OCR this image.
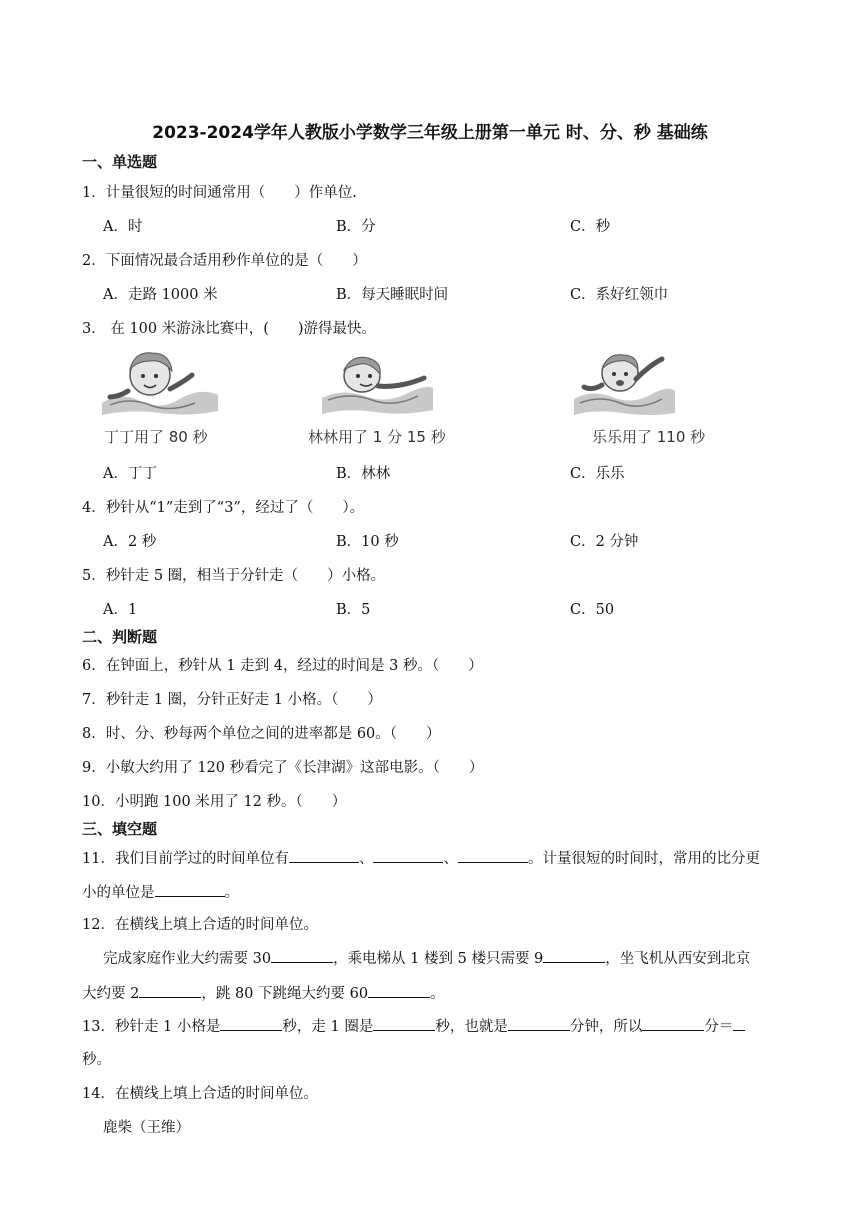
2023-2024学年人教版小学数学三年级上册第一单元 时、分、秒 基础练
一、单选题
1．计量很短的时间通常用（　　）作单位.
A．时	B．分	C．秒
2．下面情况最合适用秒作单位的是（　　）
A．走路 1000 米	B．每天睡眠时间	C．系好红领巾
3． 在 100 米游泳比赛中，(　　)游得最快。
丁丁用了 80 秒	林林用了 1 分 15 秒	乐乐用了 110 秒
A．丁丁	B．林林	C．乐乐
4．秒针从“1”走到了“3”，经过了（　　）。
A．2 秒	B．10 秒	C．2 分钟
5．秒针走 5 圈，相当于分针走（　　）小格。
A．1	B．5	C．50
二、判断题
6．在钟面上，秒针从 1 走到 4，经过的时间是 3 秒。（　　）
7．秒针走 1 圈，分针正好走 1 小格。（　　）
8．时、分、秒每两个单位之间的进率都是 60。（　　）
9．小敏大约用了 120 秒看完了《长津湖》这部电影。（　　）
10．小明跑 100 米用了 12 秒。（　　）
三、填空题
11．我们目前学过的时间单位有	、	、	。计量很短的时间时，常用的比分更
小的单位是	。
12．在横线上填上合适的时间单位。
完成家庭作业大约需要 30	，乘电梯从 1 楼到 5 楼只需要 9	，坐飞机从西安到北京
大约要 2	，跳 80 下跳绳大约要 60	。
13．秒针走 1 小格是	秒，走 1 圈是	秒，也就是	分钟，所以	分＝
秒。
14．在横线上填上合适的时间单位。
鹿柴（王维）
